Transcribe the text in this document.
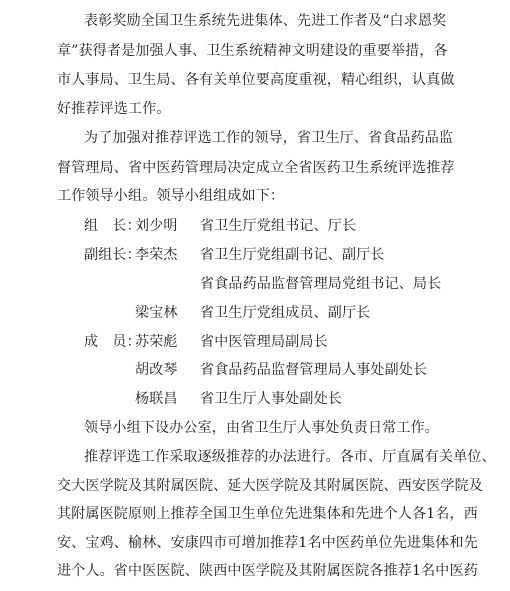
表彰奖励全国卫生系统先进集体、先进工作者及“白求恩奖
章”获得者是加强人事、卫生系统精神文明建设的重要举措，各
市人事局、卫生局、各有关单位要高度重视，精心组织，认真做
好推荐评选工作。
为了加强对推荐评选工作的领导，省卫生厅、省食品药品监
督管理局、省中医药管理局决定成立全省医药卫生系统评选推荐
工作领导小组。领导小组组成如下：
组　长：
刘少明 省卫生厅党组书记、厅长
副组长：
李荣杰 省卫生厅党组副书记、副厅长
省食品药品监督管理局党组书记、局长
梁宝林 省卫生厅党组成员、副厅长
成　员：
苏荣彪 省中医管理局副局长
胡改琴 省食品药品监督管理局人事处副处长
杨联昌 省卫生厅人事处副处长
领导小组下设办公室，由省卫生厅人事处负责日常工作。
推荐评选工作采取逐级推荐的办法进行。各市、厅直属有关单位、
交大医学院及其附属医院、延大医学院及其附属医院、西安医学院及
其附属医院原则上推荐全国卫生单位先进集体和先进个人各1名，西
安、宝鸡、榆林、安康四市可增加推荐1名中医药单位先进集体和先
进个人。省中医医院、陕西中医学院及其附属医院各推荐1名中医药
